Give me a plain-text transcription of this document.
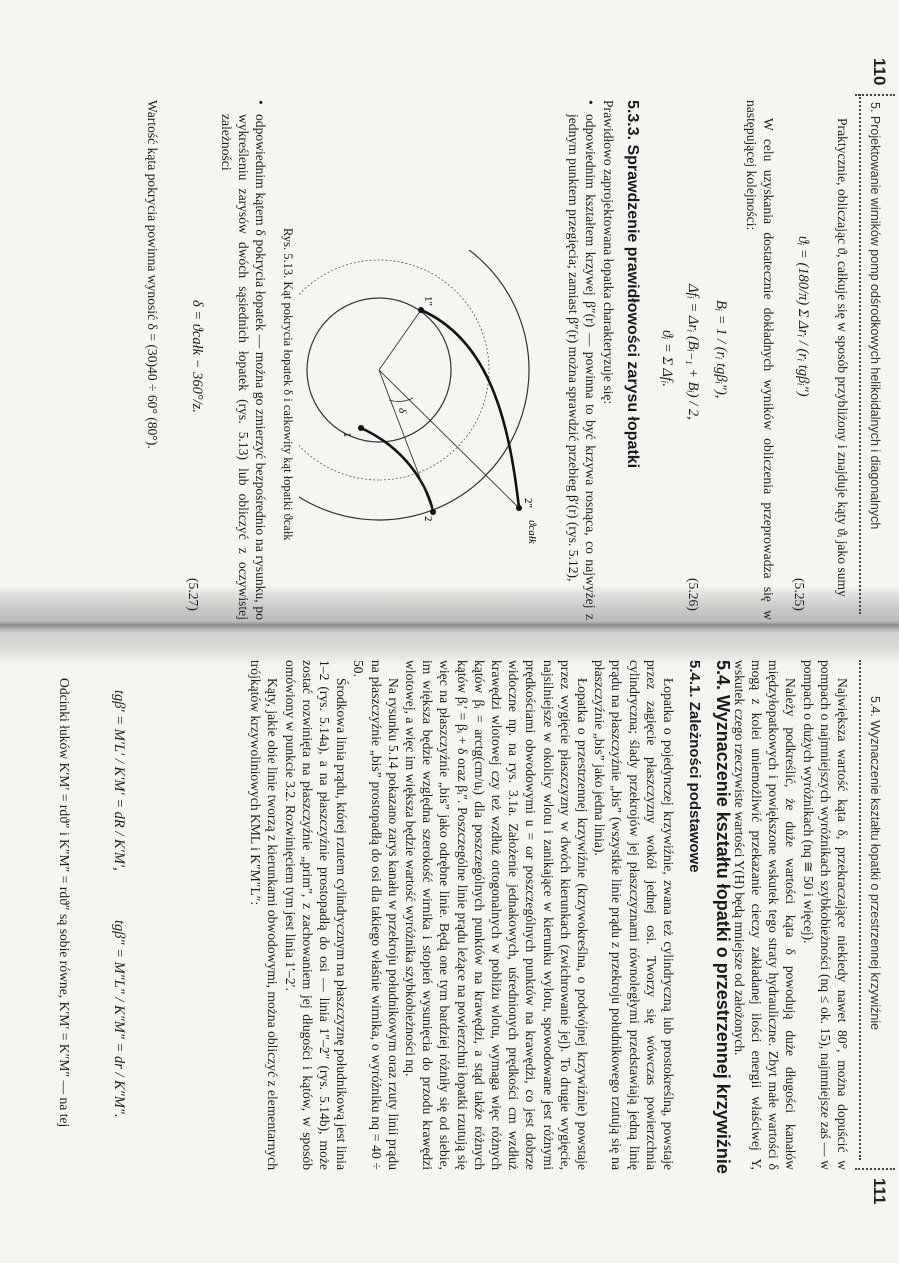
110
5. Projektowanie wirników pomp odśrodkowych helikoidalnych i diagonalnych

Praktycznie, obliczając ϑ, całkuje się w sposób przybliżony i znajduje kąty ϑᵢ jako sumy

ϑᵢ = (180/π) Σ Δrᵢ / (rᵢ tgβᵢ″)
(5.25)

W celu uzyskania dostatecznie dokładnych wyników obliczenia przeprowadza się w następującej kolejności:

Bᵢ = 1 / (rᵢ tgβᵢ″),
Δfᵢ = Δrᵢ (Bᵢ₋₁ + Bᵢ) / 2,
ϑᵢ = Σ Δfᵢ.
(5.26)
5.3.3. Sprawdzenie prawidłowości zarysu łopatki

Prawidłowo zaprojektowana łopatka charakteryzuje się:

• odpowiednim kształtem krzywej β″(r) — powinna to być krzywa rosnąca, co najwyżej z jednym punktem przegięcia; zamiast β″(r) można sprawdzić przebieg β′(r) (rys. 5.12),
ϑcałk
δ
1
1″
2″
2
Rys. 5.13. Kąt pokrycia łopatek δ i całkowity kąt łopatki ϑcałk
• odpowiednim kątem δ pokrycia łopatek — można go zmierzyć bezpośrednio na rysunku, po wykreśleniu zarysów dwóch sąsiednich łopatek (rys. 5.13) lub obliczyć z oczywistej zależności
δ = ϑcałk − 360°/z.
(5.27)

Wartość kąta pokrycia powinna wynosić δ = (30)40 ÷ 60° (80°).

5.4. Wyznaczenie kształtu łopatki o przestrzennej krzywiźnie
111

Największa wartość kąta δ, przekraczające niekiedy nawet 80°, można dopuścić w pompach o najmniejszych wyróżnikach szybkobieżności (nq ≤ ok. 15), najmniejsze zaś — w pompach o dużych wyróżnikach (nq ≅ 50 i więcej).

Należy podkreślić, że duże wartości kąta δ powodują duże długości kanałów międzyłopatkowych i powiększone wskutek tego straty hydrauliczne. Zbyt małe wartości δ mogą z kolei uniemożliwić przekazanie cieczy zakładanej ilości energii właściwej Y, wskutek czego rzeczywiste wartości Y(H) będą mniejsze od założonych.

5.4. Wyznaczenie kształtu łopatki o przestrzennej krzywiźnie
5.4.1. Zależności podstawowe

Łopatka o pojedynczej krzywiźnie, zwana też cylindryczną lub prostokreślną, powstaje przez zagięcie płaszczyzny wokół jednej osi. Tworzy się wówczas powierzchnia cylindryczna; ślady przekrojów jej płaszczyznami równoległymi przedstawiają jedną linię prądu na płaszczyźnie „bis” (wszystkie linie prądu z przekroju południkowego rzutują się na płaszczyźnie „bis” jako jedna linia).

Łopatka o przestrzennej krzywiźnie (krzywokreślna, o podwójnej krzywiźnie) powstaje przez wygięcie płaszczyzny w dwóch kierunkach (zwichrowanie jej). To drugie wygięcie, najsilniejsze w okolicy wlotu i zanikające w kierunku wylotu, spowodowane jest różnymi prędkościami obwodowymi u = ωr poszczególnych punktów na krawędzi, co jest dobrze widoczne np. na rys. 3.1a. Założenie jednakowych, uśrednionych prędkości cm wzdłuż krawędzi wlotowej czy też wzdłuż ortogonalnych w pobliżu wlotu, wymaga więc różnych kątów βᵢ = arctg(cm/uᵢ) dla poszczególnych punktów na krawędzi, a stąd także różnych kątów βᵢ′ = βᵢ + δ oraz βᵢ″. Poszczególne linie prądu leżące na powierzchni łopatki rzutują się więc na płaszczyźnie „bis” jako odrębne linie. Będą one tym bardziej różniły się od siebie, im większa będzie względna szerokość wirnika i stopień wysunięcia do przodu krawędzi wlotowej, a więc im większa będzie wartość wyróżnika szybkobieżności nq.

Na rysunku 5.14 pokazano zarys kanału w przekroju południkowym oraz rzuty linii prądu na płaszczyźnie „bis” prostopadłą do osi dla takiego właśnie wirnika, o wyróżniku nq = 40 ÷ 50.

Środkowa linia prądu, której rzutem cylindrycznym na płaszczyznę południkową jest linia 1–2 (rys. 5.14a), a na płaszczyźnie prostopadłą do osi — linia 1″–2″ (rys. 5.14b), może zostać rozwinięta na płaszczyźnie „prim”, z zachowaniem jej długości i kątów, w sposób omówiony w punkcie 3.2. Rozwinięciem tym jest linia 1′–2′.

Kąty, jakie obie linie tworzą z kierunkami obwodowymi, można obliczyć z elementarnych trójkątów krzywoliniowych KML i K″M″L″:

tgβ′ = M′L′ / K′M′ = dR / K′M′,
tgβ″ = M″L″ / K″M″ = dr / K″M″.

Odcinki łuków K′M′ = rdϑ″ i K″M″ = rdϑ″ są sobie równe, K′M′ = K″M″ — na tej
